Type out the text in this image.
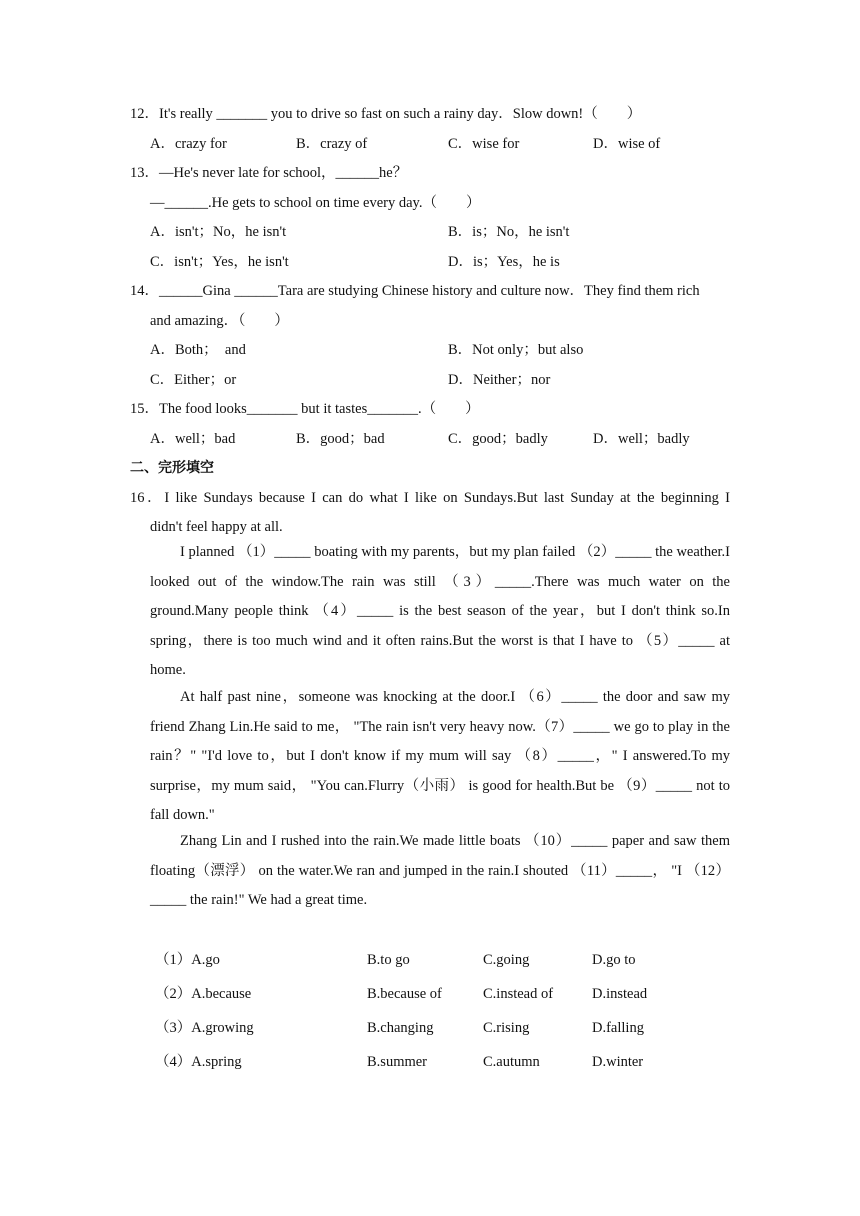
12．It's really _______ you to drive so fast on such a rainy day．Slow down!（　　）
A．crazy for	B．crazy of	C．wise for	D．wise of
13．—He's never late for school，______he？
—______.He gets to school on time every day.（　　）
A．isn't；No，he isn't	B．is；No，he isn't
C．isn't；Yes，he isn't	D．is；Yes，he is
14．______Gina ______Tara are studying Chinese history and culture now．They find them rich
and amazing．（　　）
A．Both；　and	B．Not only；but also
C．Either；or	D．Neither；nor
15．The food looks_______ but it tastes_______.（　　）
A．well；bad	B．good；bad	C．good；badly	D．well；badly
二、完形填空
16．I like Sundays because I can do what I like on Sundays.But last Sunday at the beginning I
didn't feel happy at all.
I planned （1）_____ boating with my parents，but my plan failed （2）_____ the weather.I looked out of the window.The rain was still （3）_____.There was much water on the ground.Many people think （4）_____ is the best season of the year，but I don't think so.In spring，there is too much wind and it often rains.But the worst is that I have to （5）_____ at home.
At half past nine，someone was knocking at the door.I （6）_____ the door and saw my friend Zhang Lin.He said to me， "The rain isn't very heavy now.（7）_____ we go to play in the rain？" "I'd love to，but I don't know if my mum will say （8）_____，" I answered.To my surprise，my mum said， "You can.Flurry（小雨） is good for health.But be （9）_____ not to fall down."
Zhang Lin and I rushed into the rain.We made little boats （10）_____ paper and saw them floating（漂浮） on the water.We ran and jumped in the rain.I shouted （11）_____， "I （12）_____ the rain!" We had a great time.
（1）A.go	B.to go	C.going	D.go to
（2）A.because	B.because of	C.instead of	D.instead
（3）A.growing	B.changing	C.rising	D.falling
（4）A.spring	B.summer	C.autumn	D.winter
